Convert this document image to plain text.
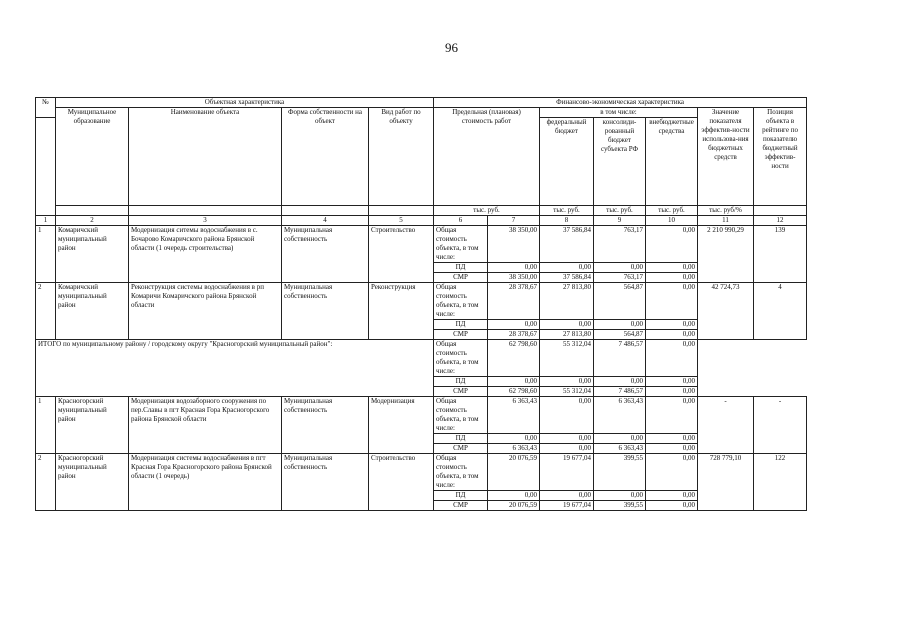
96
№	Объектная характеристика				Финансово-экономическая характеристика						
	Муниципальное образование	Наименование объекта	Форма собственности на объект	Вид работ по объекту	Предельная (плановая) стоимость работ		в том числе:			Значение показателя эффектив-ности использова-ния бюджетных средств	Позиция объекта в рейтинге по показателю бюджетный эффектив-ности
							федеральный бюджет	консолиди-рованный бюджет субъекта РФ	внебюджетные средства		
					тыс. руб.		тыс. руб.	тыс. руб.	тыс. руб.	тыс. руб/%	
1	2	3	4	5	6	7	8	9	10	11	12
1	Комаричский муниципальный район	Модернизация ситемы водоснабжения в с. Бочарово Комаричского района Брянской области (1 очередь строительства)	Муниципальная собственность	Строительство	Общая стоимость объекта, в том числе:	38 350,00	37 586,84	763,17	0,00	2 210 990,29	139
					ПД	0,00	0,00	0,00	0,00		
					СМР	38 350,00	37 586,84	763,17	0,00		
2	Комаричский муниципальный район	Реконструкция системы водоснабжения в рп Комаричи Комаричского района Брянской области	Муниципальная собственность	Реконструкция	Общая стоимость объекта, в том числе:	28 378,67	27 813,80	564,87	0,00	42 724,73	4
					ПД	0,00	0,00	0,00	0,00		
					СМР	28 378,67	27 813,80	564,87	0,00		
ИТОГО по муниципальному району / городскому округу "Красногорский муниципальный район":					Общая стоимость объекта, в том числе:	62 798,60	55 312,04	7 486,57	0,00		
					ПД	0,00	0,00	0,00	0,00		
					СМР	62 798,60	55 312,04	7 486,57	0,00		
1	Красногорский муниципальный район	Модернизация водозаборного сооружения по пер.Славы в пгт Красная Гора Красногорского района Брянской области	Муниципальная собственность	Модернизация	Общая стоимость объекта, в том числе:	6 363,43	0,00	6 363,43	0,00	-	-
					ПД	0,00	0,00	0,00	0,00		
					СМР	6 363,43	0,00	6 363,43	0,00		
2	Красногорский муниципальный район	Модернизация системы водоснабжения в пгт Красная Гора Красногорского района Брянской области (1 очередь)	Муниципальная собственность	Строительство	Общая стоимость объекта, в том числе:	20 076,59	19 677,04	399,55	0,00	728 779,10	122
					ПД	0,00	0,00	0,00	0,00		
					СМР	20 076,59	19 677,04	399,55	0,00		
